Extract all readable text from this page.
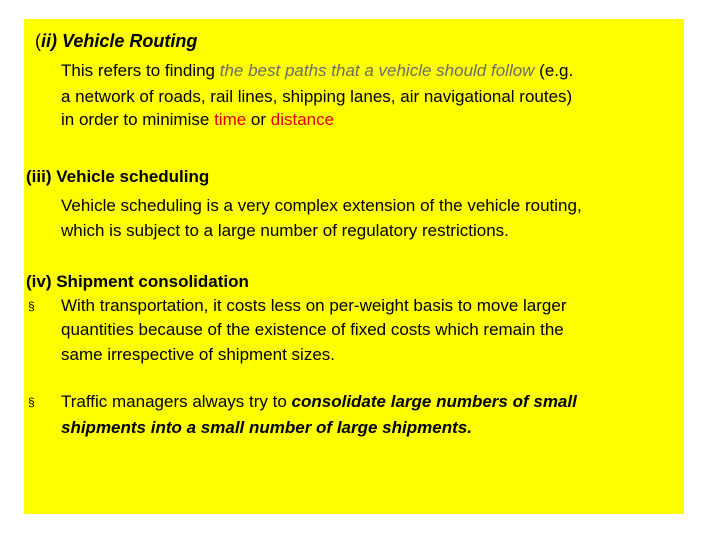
(ii) Vehicle Routing
This refers to finding the best paths that a vehicle should follow (e.g.
a network of roads, rail lines, shipping lanes, air navigational routes)
in order to minimise time or distance
(iii) Vehicle scheduling
Vehicle scheduling is a very complex extension of the vehicle routing,
which is subject to a large number of regulatory restrictions.
(iv) Shipment consolidation
§ With transportation, it costs less on per-weight basis to move larger
quantities because of the existence of fixed costs which remain the
same irrespective of shipment sizes.
§ Traffic managers always try to consolidate large numbers of small
shipments into a small number of large shipments.
